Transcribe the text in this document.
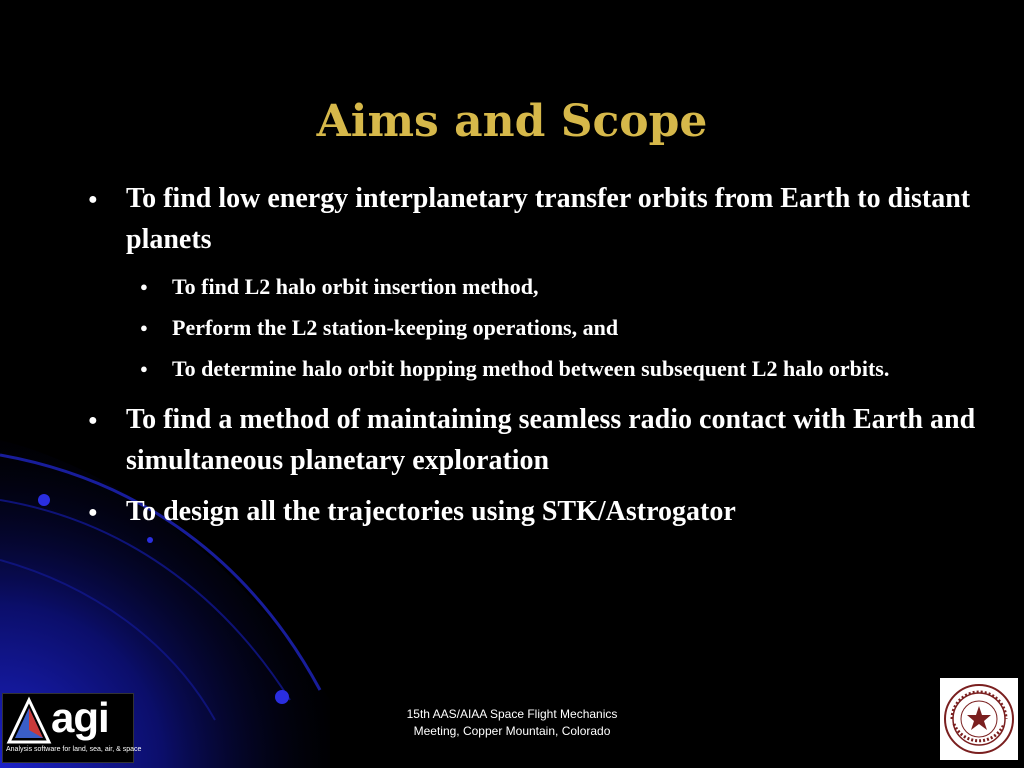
Aims and Scope
● To find low energy interplanetary transfer orbits from Earth to distant planets
● To find L2 halo orbit insertion method,
● Perform the L2 station-keeping operations, and
● To determine halo orbit hopping method between subsequent L2 halo orbits.
● To find a method of maintaining seamless radio contact with Earth and simultaneous planetary exploration
● To design all the trajectories using STK/Astrogator
agi
Analysis software for land, sea, air, & space
15th AAS/AIAA Space Flight Mechanics
Meeting, Copper Mountain, Colorado
